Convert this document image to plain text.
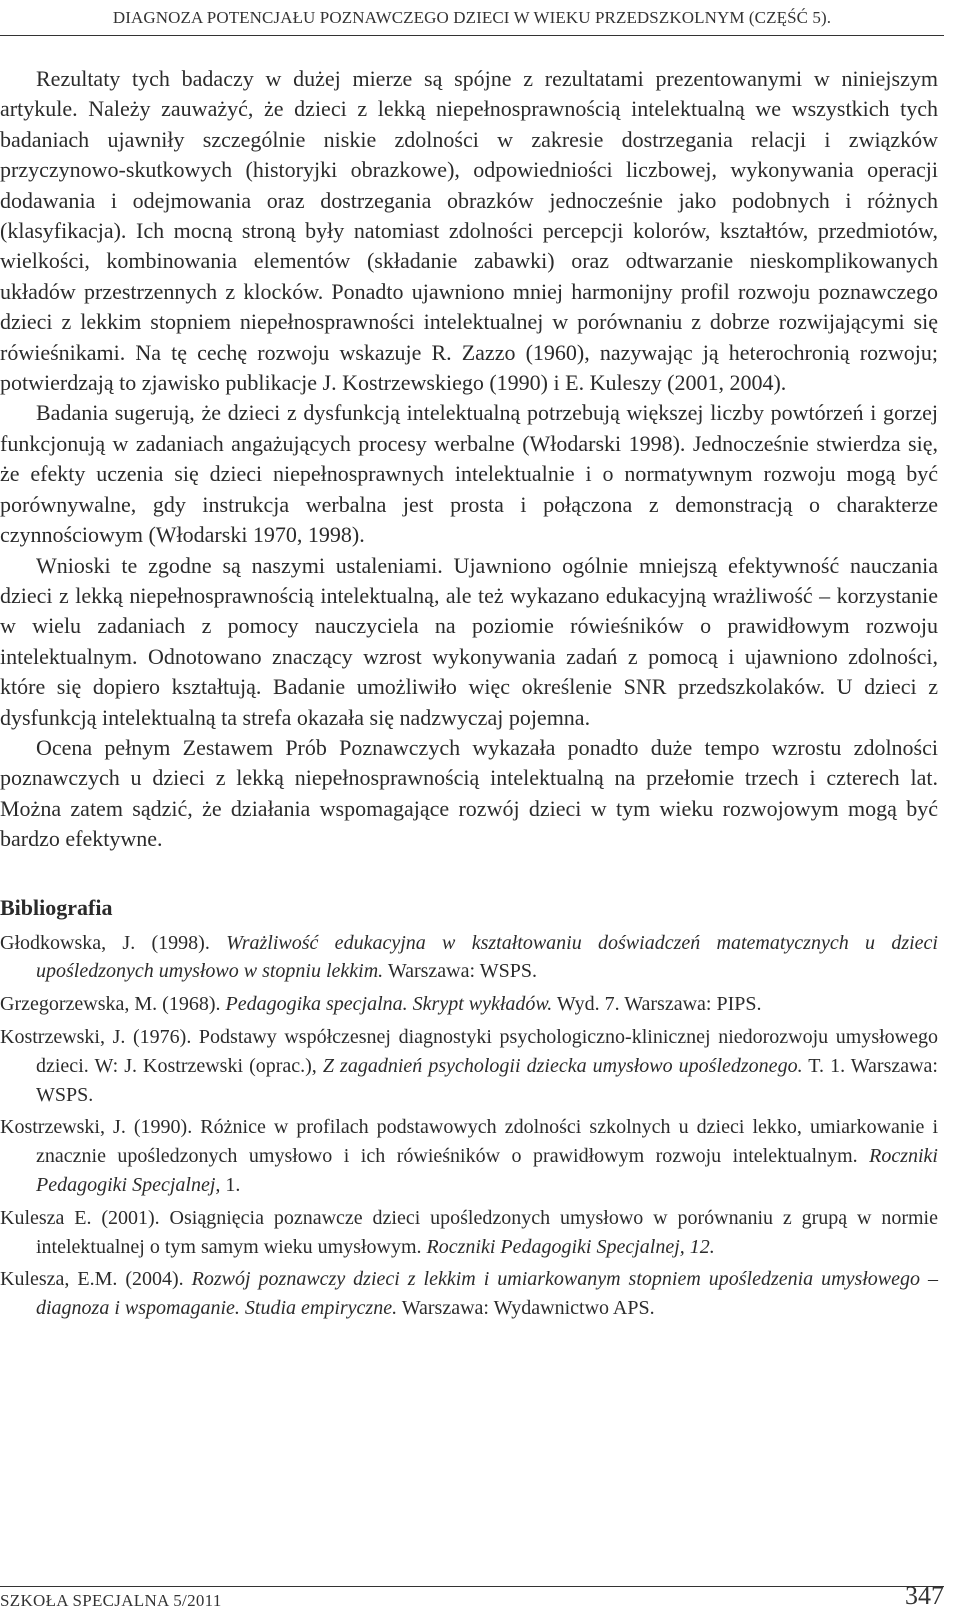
DIAGNOZA POTENCJAŁU POZNAWCZEGO DZIECI W WIEKU PRZEDSZKOLNYM (CZĘŚĆ 5).

Rezultaty tych badaczy w dużej mierze są spójne z rezultatami prezentowanymi w niniejszym artykule. Należy zauważyć, że dzieci z lekką niepełnosprawnością intelektualną we wszystkich tych badaniach ujawniły szczególnie niskie zdolności w zakresie dostrzegania relacji i związków przyczynowo-skutkowych (historyjki obrazkowe), odpowiedniości liczbowej, wykonywania operacji dodawania i odejmowania oraz dostrzegania obrazków jednocześnie jako podobnych i różnych (klasyfikacja). Ich mocną stroną były natomiast zdolności percepcji kolorów, kształtów, przedmiotów, wielkości, kombinowania elementów (składanie zabawki) oraz odtwarzanie nieskomplikowanych układów przestrzennych z klocków. Ponadto ujawniono mniej harmonijny profil rozwoju poznawczego dzieci z lekkim stopniem niepełnosprawności intelektualnej w porównaniu z dobrze rozwijającymi się rówieśnikami. Na tę cechę rozwoju wskazuje R. Zazzo (1960), nazywając ją heterochronią rozwoju; potwierdzają to zjawisko publikacje J. Kostrzewskiego (1990) i E. Kuleszy (2001, 2004).

Badania sugerują, że dzieci z dysfunkcją intelektualną potrzebują większej liczby powtórzeń i gorzej funkcjonują w zadaniach angażujących procesy werbalne (Włodarski 1998). Jednocześnie stwierdza się, że efekty uczenia się dzieci niepełnosprawnych intelektualnie i o normatywnym rozwoju mogą być porównywalne, gdy instrukcja werbalna jest prosta i połączona z demonstracją o charakterze czynnościowym (Włodarski 1970, 1998).

Wnioski te zgodne są naszymi ustaleniami. Ujawniono ogólnie mniejszą efektywność nauczania dzieci z lekką niepełnosprawnością intelektualną, ale też wykazano edukacyjną wrażliwość – korzystanie w wielu zadaniach z pomocy nauczyciela na poziomie rówieśników o prawidłowym rozwoju intelektualnym. Odnotowano znaczący wzrost wykonywania zadań z pomocą i ujawniono zdolności, które się dopiero kształtują. Badanie umożliwiło więc określenie SNR przedszkolaków. U dzieci z dysfunkcją intelektualną ta strefa okazała się nadzwyczaj pojemna.

Ocena pełnym Zestawem Prób Poznawczych wykazała ponadto duże tempo wzrostu zdolności poznawczych u dzieci z lekką niepełnosprawnością intelektualną na przełomie trzech i czterech lat. Można zatem sądzić, że działania wspomagające rozwój dzieci w tym wieku rozwojowym mogą być bardzo efektywne.

Bibliografia
Głodkowska, J. (1998). Wrażliwość edukacyjna w kształtowaniu doświadczeń matematycznych u dzieci upośledzonych umysłowo w stopniu lekkim. Warszawa: WSPS.
Grzegorzewska, M. (1968). Pedagogika specjalna. Skrypt wykładów. Wyd. 7. Warszawa: PIPS.
Kostrzewski, J. (1976). Podstawy współczesnej diagnostyki psychologiczno-klinicznej niedorozwoju umysłowego dzieci. W: J. Kostrzewski (oprac.), Z zagadnień psychologii dziecka umysłowo upośledzonego. T. 1. Warszawa: WSPS.
Kostrzewski, J. (1990). Różnice w profilach podstawowych zdolności szkolnych u dzieci lekko, umiarkowanie i znacznie upośledzonych umysłowo i ich rówieśników o prawidłowym rozwoju intelektualnym. Roczniki Pedagogiki Specjalnej, 1.
Kulesza E. (2001). Osiągnięcia poznawcze dzieci upośledzonych umysłowo w porównaniu z grupą w normie intelektualnej o tym samym wieku umysłowym. Roczniki Pedagogiki Specjalnej, 12.
Kulesza, E.M. (2004). Rozwój poznawczy dzieci z lekkim i umiarkowanym stopniem upośledzenia umysłowego – diagnoza i wspomaganie. Studia empiryczne. Warszawa: Wydawnictwo APS.
SZKOŁA SPECJALNA 5/2011	347
